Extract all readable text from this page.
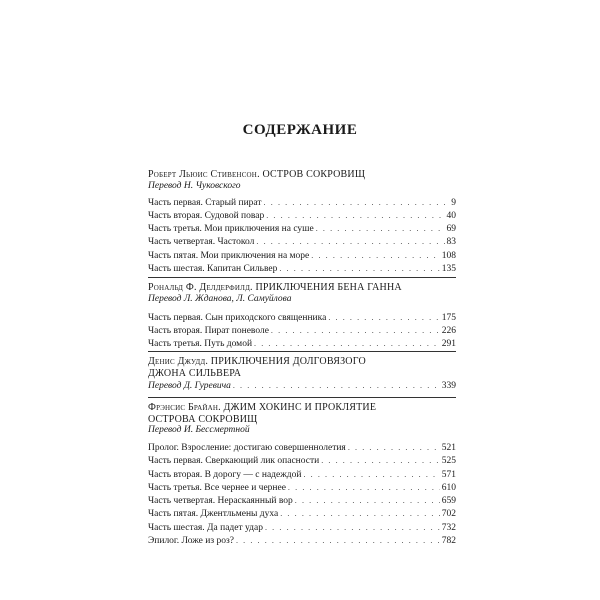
СОДЕРЖАНИЕ
Роберт Льюис Стивенсон. ОСТРОВ СОКРОВИЩ
Перевод Н. Чуковского
Часть первая. Старый пират . . .	9
Часть вторая. Судовой повар . . .	40
Часть третья. Мои приключения на суше . . .	69
Часть четвертая. Частокол . . .	83
Часть пятая. Мои приключения на море . . .	108
Часть шестая. Капитан Сильвер . . .	135
Рональд Ф. Делдерфилд. ПРИКЛЮЧЕНИЯ БЕНА ГАННА
Перевод Л. Жданова, Л. Самуйлова
Часть первая. Сын приходского священника . . .	175
Часть вторая. Пират поневоле . . .	226
Часть третья. Путь домой . . .	291
Денис Джудд. ПРИКЛЮЧЕНИЯ ДОЛГОВЯЗОГО
ДЖОНА СИЛЬВЕРА
Перевод Д. Гуревича . . .	339
Фрэнсис Брайан. ДЖИМ ХОКИНС И ПРОКЛЯТИЕ
ОСТРОВА СОКРОВИЩ
Перевод И. Бессмертной
Пролог. Взросление: достигаю совершеннолетия . . .	521
Часть первая. Сверкающий лик опасности . . .	525
Часть вторая. В дорогу — с надеждой . . .	571
Часть третья. Все чернее и чернее . . .	610
Часть четвертая. Нераскаянный вор . . .	659
Часть пятая. Джентльмены духа . . .	702
Часть шестая. Да падет удар . . .	732
Эпилог. Ложе из роз? . . .	782
